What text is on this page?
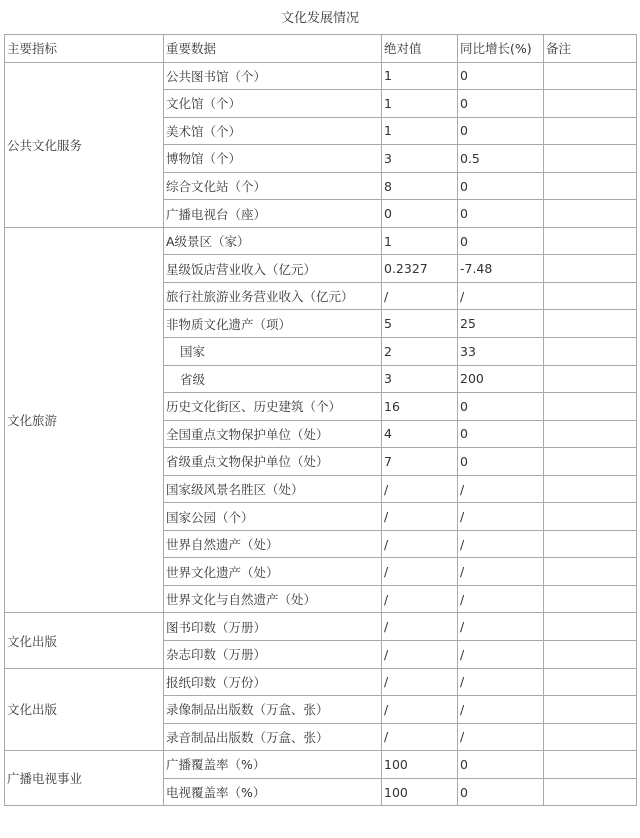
文化发展情况
主要指标	重要数据	绝对值	同比增长(%)	备注
公共文化服务	公共图书馆（个）	1	0	
	文化馆（个）	1	0	
	美术馆（个）	1	0	
	博物馆（个）	3	0.5	
	综合文化站（个）	8	0	
	广播电视台（座）	0	0	
文化旅游	A级景区（家）	1	0	
	星级饭店营业收入（亿元）	0.2327	-7.48	
	旅行社旅游业务营业收入（亿元）	/	/	
	非物质文化遗产（项）	5	25	
	国家	2	33	
	省级	3	200	
	历史文化街区、历史建筑（个）	16	0	
	全国重点文物保护单位（处）	4	0	
	省级重点文物保护单位（处）	7	0	
	国家级风景名胜区（处）	/	/	
	国家公园（个）	/	/	
	世界自然遗产（处）	/	/	
	世界文化遗产（处）	/	/	
	世界文化与自然遗产（处）	/	/	
文化出版	图书印数（万册）	/	/	
	杂志印数（万册）	/	/	
文化出版	报纸印数（万份）	/	/	
	录像制品出版数（万盒、张）	/	/	
	录音制品出版数（万盒、张）	/	/	
广播电视事业	广播覆盖率（%）	100	0	
	电视覆盖率（%）	100	0	
